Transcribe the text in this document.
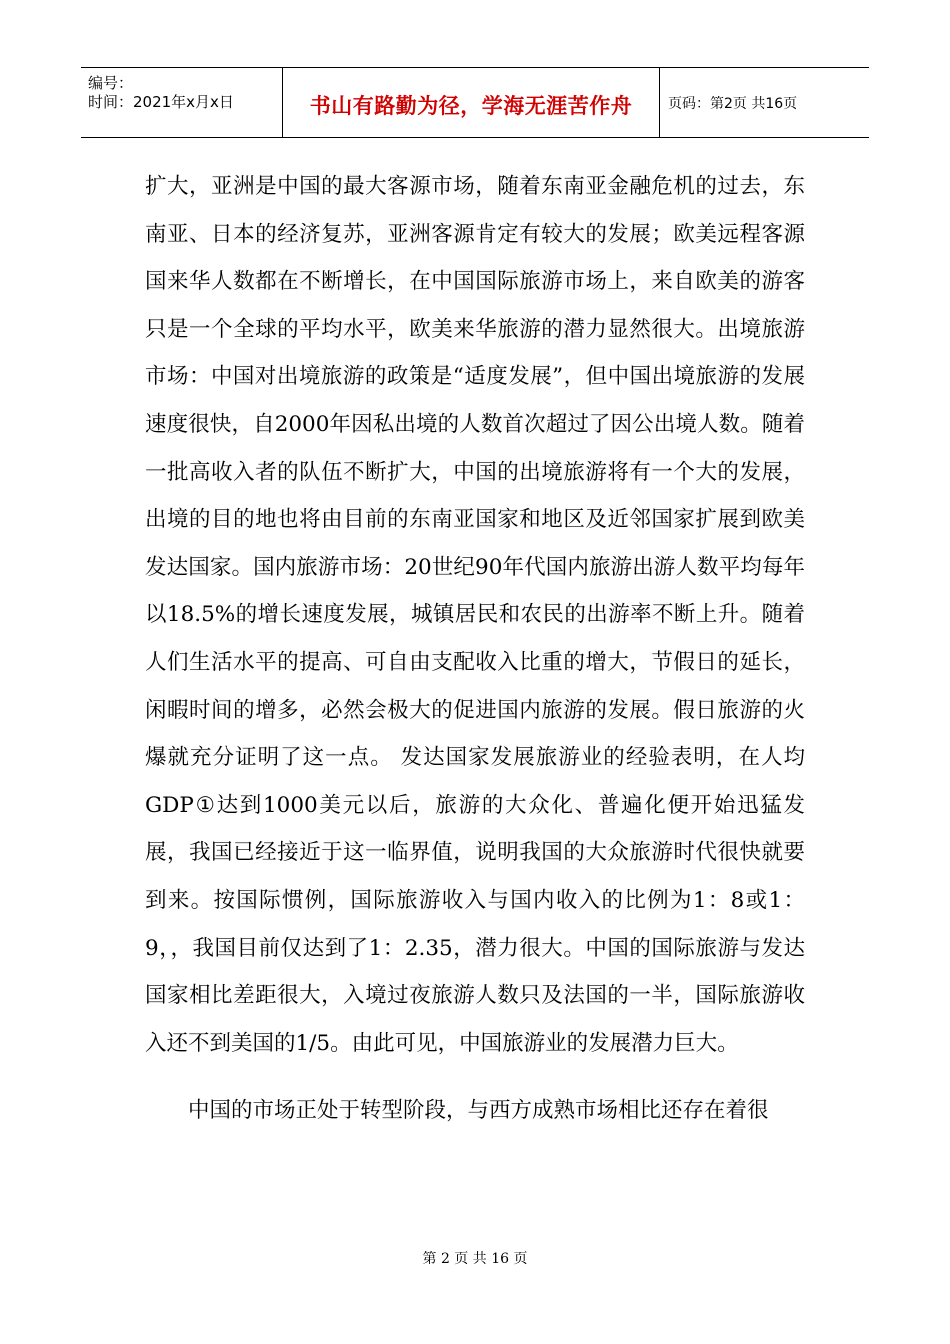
编号：
时间：2021年x月x日	书山有路勤为径，学海无涯苦作舟	页码：第2页 共16页

扩大，亚洲是中国的最大客源市场，随着东南亚金融危机的过去，东南亚、日本的经济复苏，亚洲客源肯定有较大的发展；欧美远程客源国来华人数都在不断增长，在中国国际旅游市场上，来自欧美的游客只是一个全球的平均水平，欧美来华旅游的潜力显然很大。出境旅游市场：中国对出境旅游的政策是“适度发展”，但中国出境旅游的发展速度很快，自2000年因私出境的人数首次超过了因公出境人数。随着一批高收入者的队伍不断扩大，中国的出境旅游将有一个大的发展，出境的目的地也将由目前的东南亚国家和地区及近邻国家扩展到欧美发达国家。国内旅游市场：20世纪90年代国内旅游出游人数平均每年以18.5%的增长速度发展，城镇居民和农民的出游率不断上升。随着人们生活水平的提高、可自由支配收入比重的增大，节假日的延长，闲暇时间的增多，必然会极大的促进国内旅游的发展。假日旅游的火爆就充分证明了这一点。 发达国家发展旅游业的经验表明，在人均GDP①达到1000美元以后，旅游的大众化、普遍化便开始迅猛发展，我国已经接近于这一临界值，说明我国的大众旅游时代很快就要到来。按国际惯例，国际旅游收入与国内收入的比例为1：8或1：9，，我国目前仅达到了1：2.35，潜力很大。中国的国际旅游与发达国家相比差距很大，入境过夜旅游人数只及法国的一半，国际旅游收入还不到美国的1/5。由此可见，中国旅游业的发展潜力巨大。

中国的市场正处于转型阶段，与西方成熟市场相比还存在着很

第 2 页 共 16 页
